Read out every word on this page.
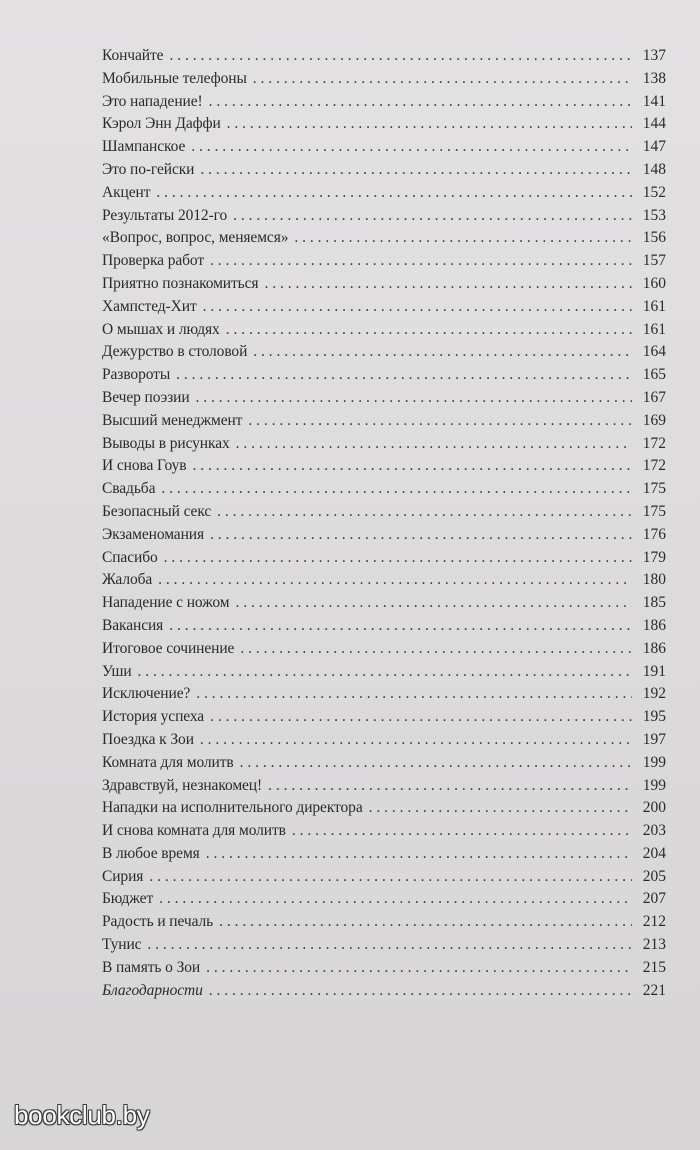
Кончайте . . .	137
Мобильные телефоны . . .	138
Это нападение! . . .	141
Кэрол Энн Даффи . . .	144
Шампанское . . .	147
Это по-гейски . . .	148
Акцент . . .	152
Результаты 2012-го . . .	153
«Вопрос, вопрос, меняемся» . . .	156
Проверка работ . . .	157
Приятно познакомиться . . .	160
Хампстед-Хит . . .	161
О мышах и людях . . .	161
Дежурство в столовой . . .	164
Развороты . . .	165
Вечер поэзии . . .	167
Высший менеджмент . . .	169
Выводы в рисунках . . .	172
И снова Гоув . . .	172
Свадьба . . .	175
Безопасный секс . . .	175
Экзаменомания . . .	176
Спасибо . . .	179
Жалоба . . .	180
Нападение с ножом . . .	185
Вакансия . . .	186
Итоговое сочинение . . .	186
Уши . . .	191
Исключение? . . .	192
История успеха . . .	195
Поездка к Зои . . .	197
Комната для молитв . . .	199
Здравствуй, незнакомец! . . .	199
Нападки на исполнительного директора . . .	200
И снова комната для молитв . . .	203
В любое время . . .	204
Сирия . . .	205
Бюджет . . .	207
Радость и печаль . . .	212
Тунис . . .	213
В память о Зои . . .	215
Благодарности . . .	221
bookclub.by
